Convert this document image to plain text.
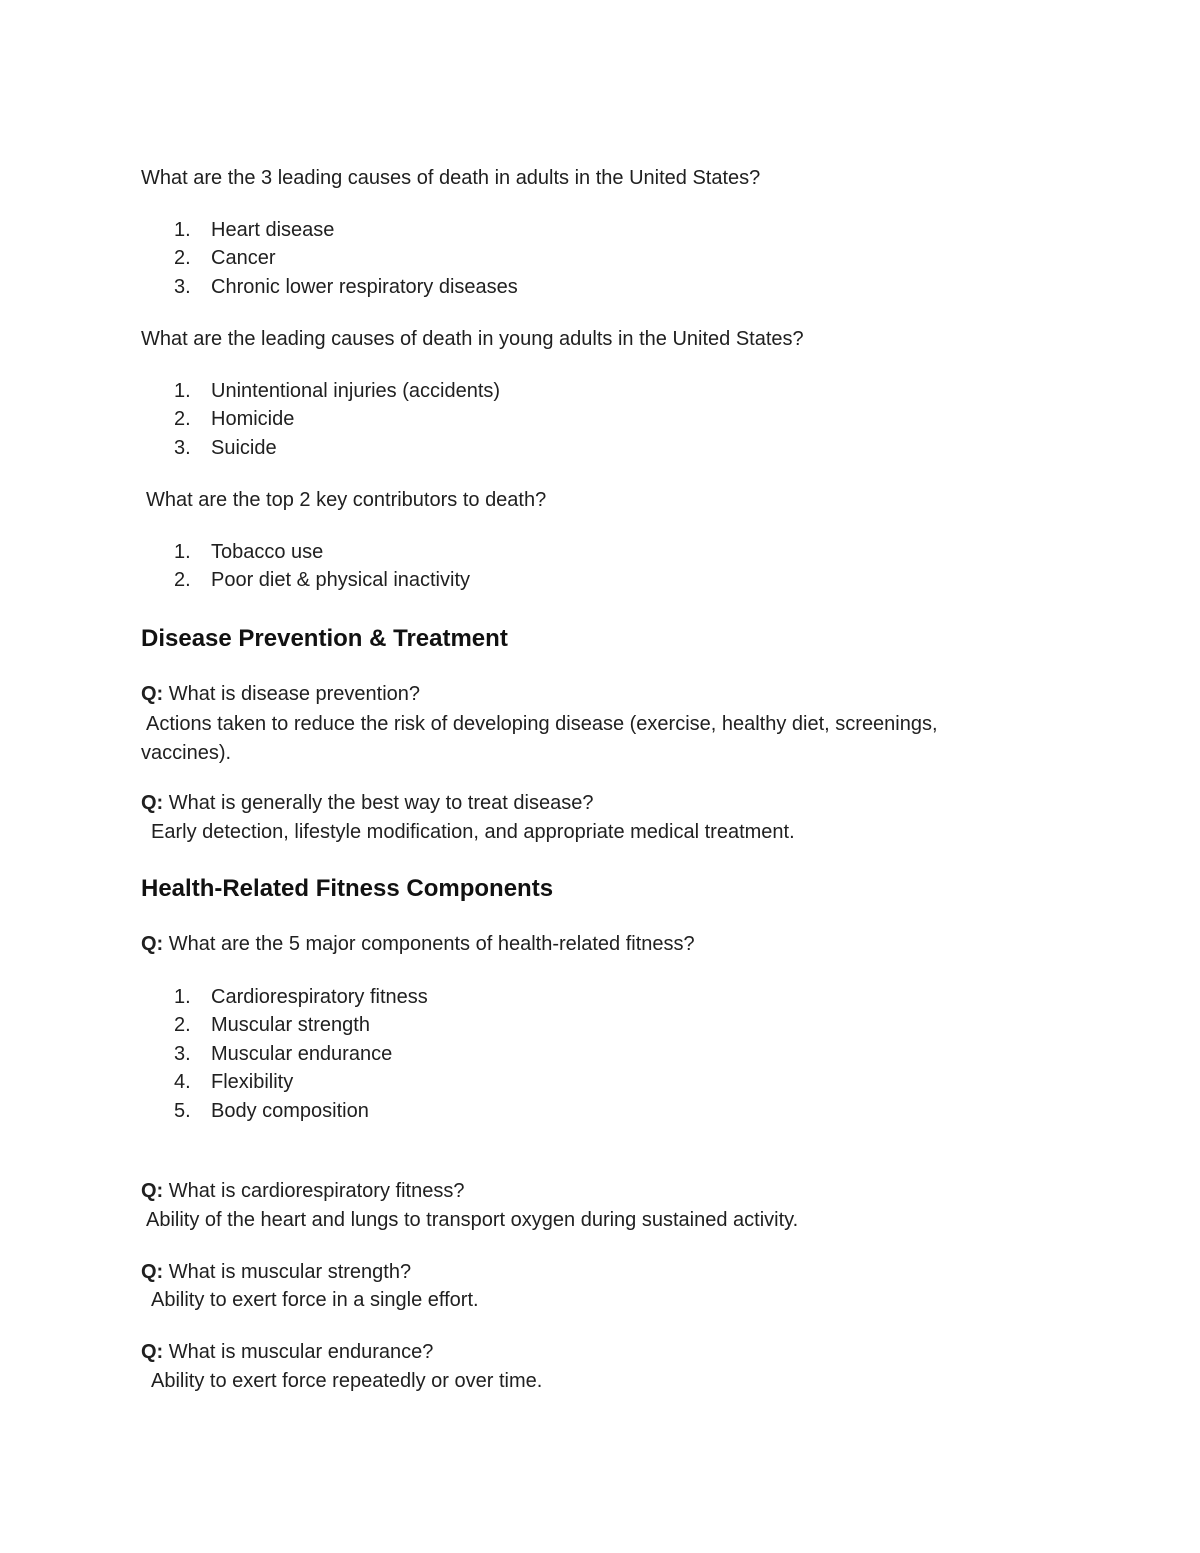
What are the 3 leading causes of death in adults in the United States?

1. Heart disease
2. Cancer
3. Chronic lower respiratory diseases

What are the leading causes of death in young adults in the United States?

1. Unintentional injuries (accidents)
2. Homicide
3. Suicide

What are the top 2 key contributors to death?

1. Tobacco use
2. Poor diet & physical inactivity
Disease Prevention & Treatment

Q: What is disease prevention?

Actions taken to reduce the risk of developing disease (exercise, healthy diet, screenings, vaccines).

Q: What is generally the best way to treat disease?

Early detection, lifestyle modification, and appropriate medical treatment.

Health-Related Fitness Components

Q: What are the 5 major components of health-related fitness?

1. Cardiorespiratory fitness
2. Muscular strength
3. Muscular endurance
4. Flexibility
5. Body composition

Q: What is cardiorespiratory fitness?

Ability of the heart and lungs to transport oxygen during sustained activity.

Q: What is muscular strength?

Ability to exert force in a single effort.

Q: What is muscular endurance?

Ability to exert force repeatedly or over time.
